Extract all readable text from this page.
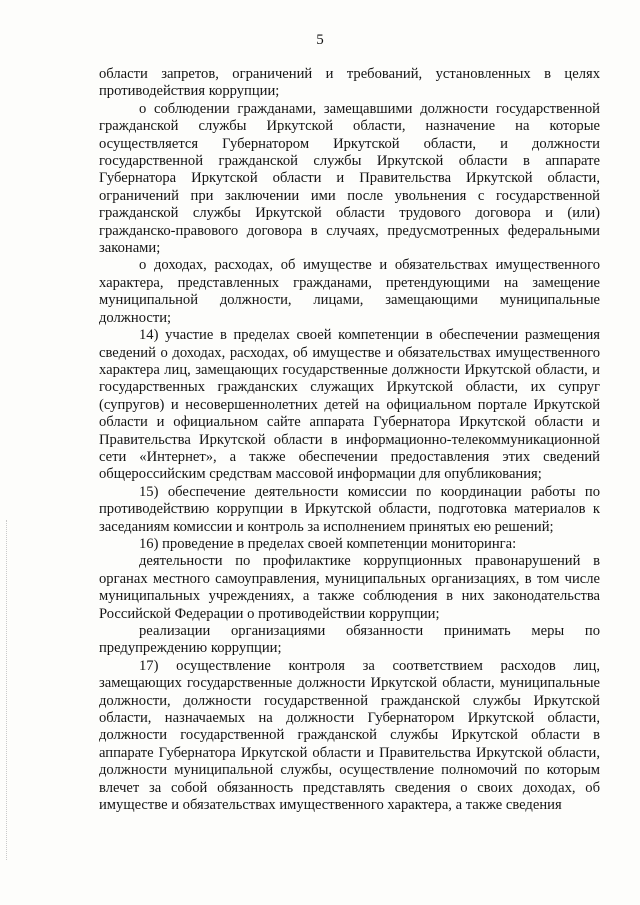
5

области запретов, ограничений и требований, установленных в целях противодействия коррупции;

о соблюдении гражданами, замещавшими должности государственной гражданской службы Иркутской области, назначение на которые осуществляется Губернатором Иркутской области, и должности государственной гражданской службы Иркутской области в аппарате Губернатора Иркутской области и Правительства Иркутской области, ограничений при заключении ими после увольнения с государственной гражданской службы Иркутской области трудового договора и (или) гражданско-правового договора в случаях, предусмотренных федеральными законами;

о доходах, расходах, об имуществе и обязательствах имущественного характера, представленных гражданами, претендующими на замещение муниципальной должности, лицами, замещающими муниципальные должности;

14) участие в пределах своей компетенции в обеспечении размещения сведений о доходах, расходах, об имуществе и обязательствах имущественного характера лиц, замещающих государственные должности Иркутской области, и государственных гражданских служащих Иркутской области, их супруг (супругов) и несовершеннолетних детей на официальном портале Иркутской области и официальном сайте аппарата Губернатора Иркутской области и Правительства Иркутской области в информационно-телекоммуникационной сети «Интернет», а также обеспечении предоставления этих сведений общероссийским средствам массовой информации для опубликования;

15) обеспечение деятельности комиссии по координации работы по противодействию коррупции в Иркутской области, подготовка материалов к заседаниям комиссии и контроль за исполнением принятых ею решений;

16) проведение в пределах своей компетенции мониторинга:

деятельности по профилактике коррупционных правонарушений в органах местного самоуправления, муниципальных организациях, в том числе муниципальных учреждениях, а также соблюдения в них законодательства Российской Федерации о противодействии коррупции;

реализации организациями обязанности принимать меры по предупреждению коррупции;

17) осуществление контроля за соответствием расходов лиц, замещающих государственные должности Иркутской области, муниципальные должности, должности государственной гражданской службы Иркутской области, назначаемых на должности Губернатором Иркутской области, должности государственной гражданской службы Иркутской области в аппарате Губернатора Иркутской области и Правительства Иркутской области, должности муниципальной службы, осуществление полномочий по которым влечет за собой обязанность представлять сведения о своих доходах, об имуществе и обязательствах имущественного характера, а также сведения
